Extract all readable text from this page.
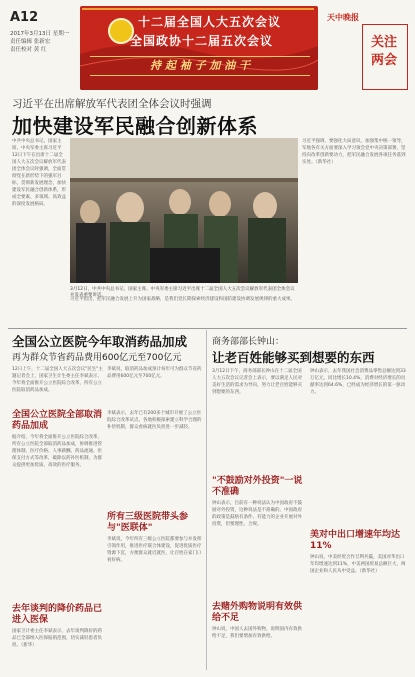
A12
2017年3月13日 星期一
责任编辑 张新宏
责任校对 黄 红
十二届全国人大五次会议
全国政协十二届五次会议
持 起 袖 子 加 油 干
天中晚报
关注两会
习近平在出席解放军代表团全体会议时强调
加快建设军民融合创新体系
中共中央总书记、国家主席、中央军委主席习近平12日下午在出席十二届全国人大五次会议解放军代表团全体会议时强调，全面贯彻党在新形势下的强军目标，贯彻新发展理念，加快建设军民融合创新体系，形成全要素、多领域、高效益的深度发展格局。
3月12日，中共中央总书记、国家主席、中央军委主席习近平出席十二届全国人大五次会议解放军代表团全体会议并发表重要讲话。
习近平指出，把军民融合发展上升为国家战略，是我们党长期探索经济建设和国防建设协调发展规律的重大成果。
习近平强调，要强化大局意识，加强集中统一领导，军地各有关方面要深入学习领会党中央决策部署，坚持向改革创新要动力，把军民融合发展各项任务落到实处。（新华社）
全国公立医院今年取消药品加成
再为群众节省药品费用600亿元至700亿元
12日上午，十二届全国人大五次会议"民生"主题记者会上，国家卫生计生委主任李斌表示，今年将全面推开公立医院综合改革，所有公立医院取消药品加成。
李斌说，取消药品加成预计每年可为群众节省药品费用600亿元至700亿元。
全国公立医院全部取消药品加成
据介绍，今年将全面推开公立医院综合改革，所有公立医院全部取消药品加成，协调推进管理体制、医疗价格、人事薪酬、药品流通、医保支付方式等改革，破除以药补医机制，为群众提供更加优质、高效的医疗服务。
李斌表示，去年已有200多个城市开展了公立医院综合改革试点，各地积极探索建立科学合理的补偿机制，群众看病就医负担进一步减轻。
所有三级医院带头参与"医联体"
李斌说，今年所有三级公立医院都要参与并发挥引领作用，推进医疗联合体建设，促进优质医疗资源下沉，方便群众就近就医，让百姓在家门口看好病。
去年谈判的降价药品已进入医保
国家卫计委主任李斌表示，去年谈判降价的药品已全部纳入医保报销范围，切实减轻患者负担。（新华）
商务部部长钟山：
让老百姓能够买到想要的东西
3月12日下午，商务部部长钟山在十二届全国人大五次会议记者会上表示，要以满足人民对美好生活的需求为导向，努力让老百姓能够买到想要的东西。
"不鼓励对外投资"一说不准确
钟山表示，目前有一种说法认为中国政府不鼓励对外投资，这种说法是不准确的。中国政府的政策是鼓励有条件、有能力的企业开展对外投资，但要理性、合规。
去赌外购物说明有效供给不足
钟山说，中国人去国外购物，说明国内有效供给不足，我们要增加有效供给。
钟山表示，去年我国社会消费品零售总额达到33万亿元，同比增长10.4%，消费对经济增长的贡献率达到64.6%，已经成为经济增长的第一驱动力。
美对中出口增速年均达11%
钟山说，中美经贸合作互利共赢，美国对华出口年均增速达到11%，中美两国贸易总额巨大，两国企业和人民从中受益。（新华社）
